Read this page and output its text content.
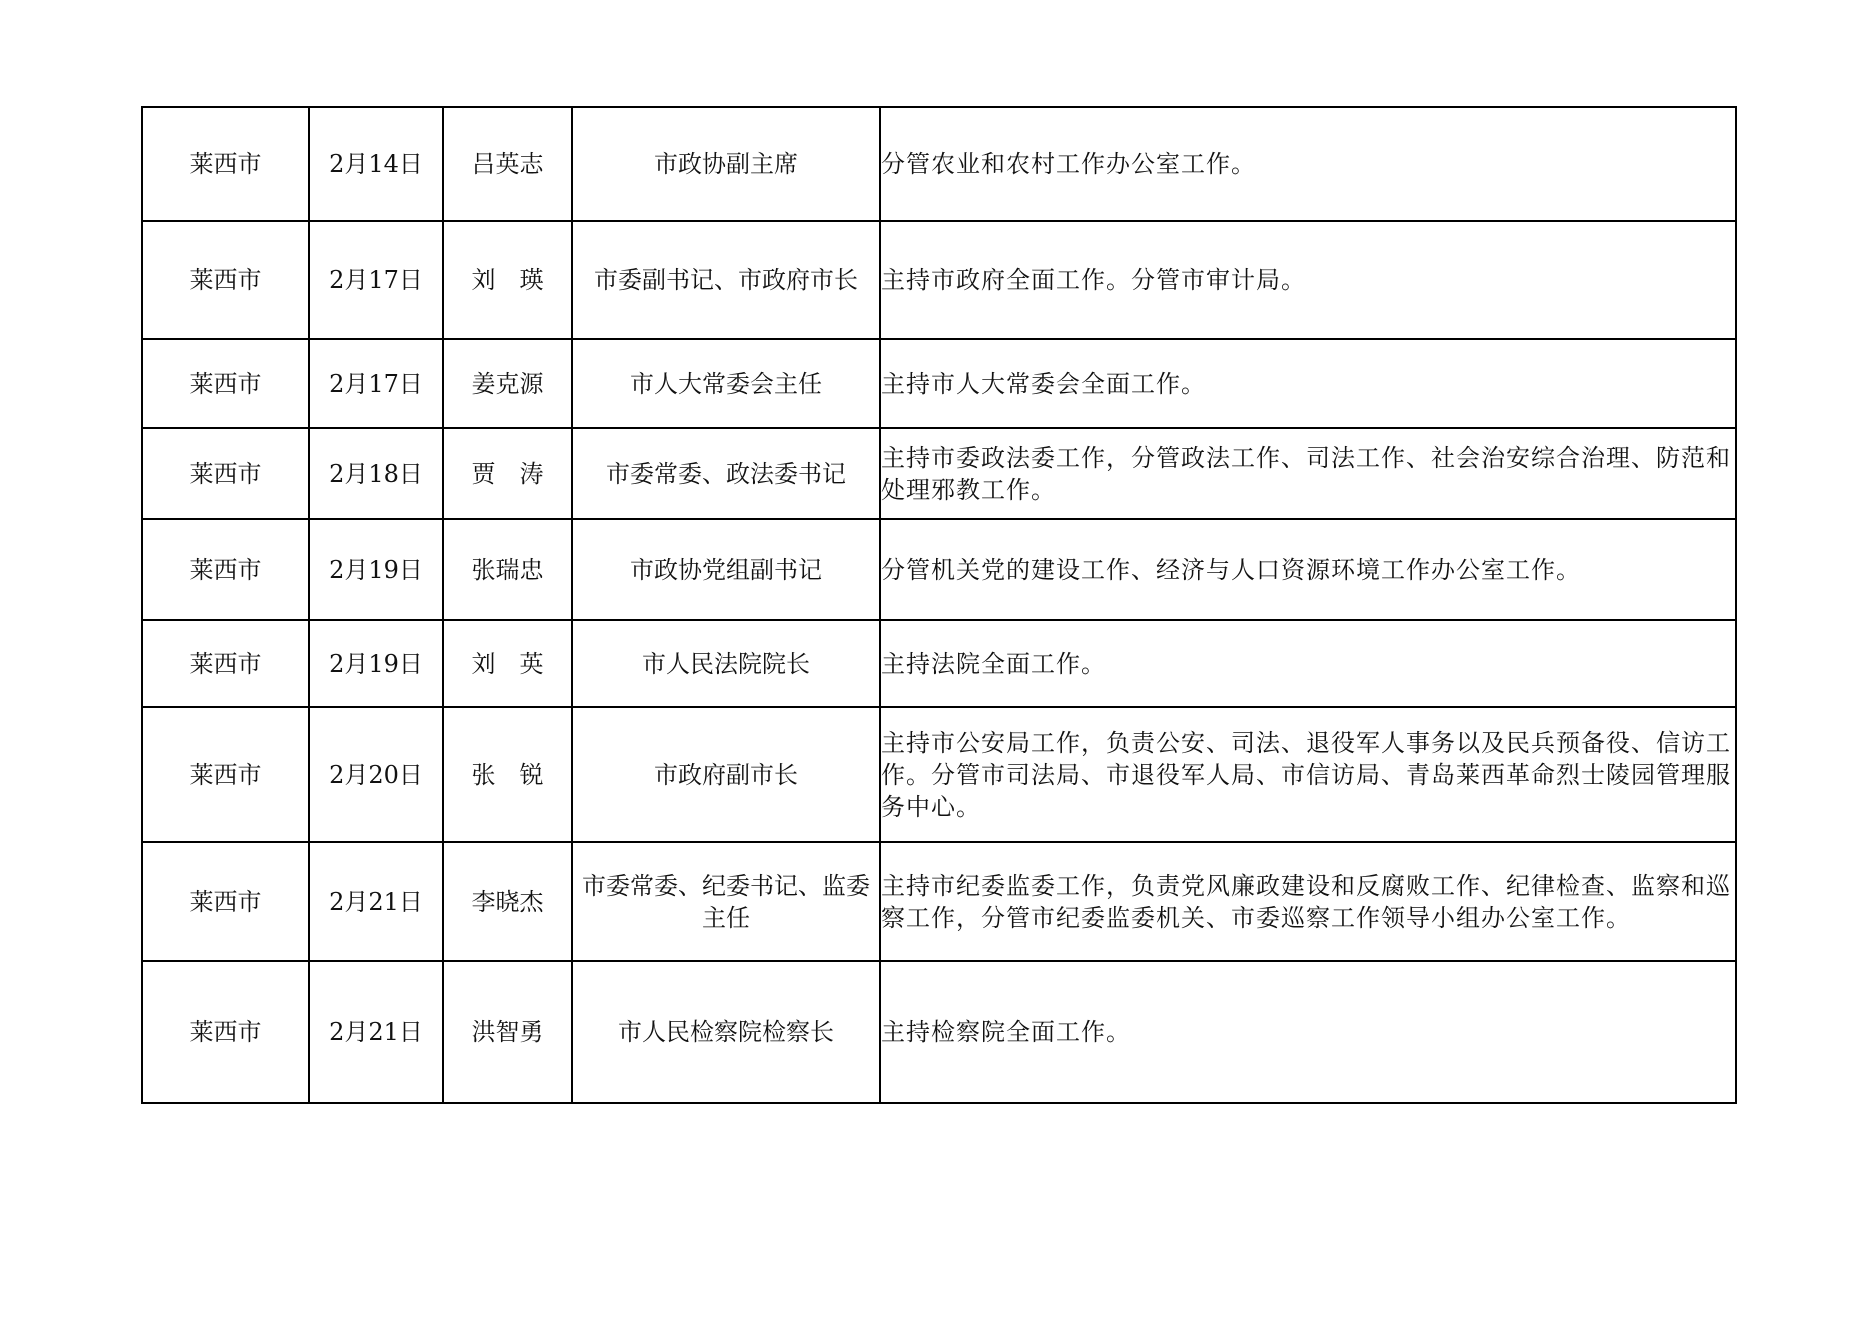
莱西市	2月14日	吕英志	市政协副主席	分管农业和农村工作办公室工作。
莱西市	2月17日	刘　瑛	市委副书记、市政府市长	主持市政府全面工作。分管市审计局。
莱西市	2月17日	姜克源	市人大常委会主任	主持市人大常委会全面工作。
莱西市	2月18日	贾　涛	市委常委、政法委书记	主持市委政法委工作，分管政法工作、司法工作、社会治安综合治理、防范和处理邪教工作。
莱西市	2月19日	张瑞忠	市政协党组副书记	分管机关党的建设工作、经济与人口资源环境工作办公室工作。
莱西市	2月19日	刘　英	市人民法院院长	主持法院全面工作。
莱西市	2月20日	张　锐	市政府副市长	主持市公安局工作，负责公安、司法、退役军人事务以及民兵预备役、信访工作。分管市司法局、市退役军人局、市信访局、青岛莱西革命烈士陵园管理服务中心。
莱西市	2月21日	李晓杰	市委常委、纪委书记、监委主任	主持市纪委监委工作，负责党风廉政建设和反腐败工作、纪律检查、监察和巡察工作，分管市纪委监委机关、市委巡察工作领导小组办公室工作。
莱西市	2月21日	洪智勇	市人民检察院检察长	主持检察院全面工作。
